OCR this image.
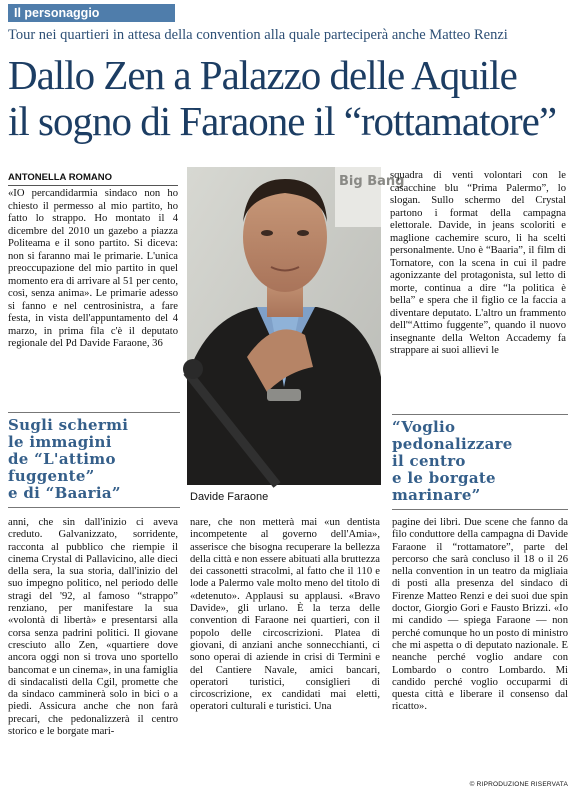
Il personaggio
Tour nei quartieri in attesa della convention alla quale parteciperà anche Matteo Renzi
Dallo Zen a Palazzo delle Aquile
il sogno di Faraone il “rottamatore”
ANTONELLA ROMANO
«IO percandidarmia sindaco non ho chiesto il permesso al mio partito, ho fatto lo strappo. Ho montato il 4 dicembre del 2010 un gazebo a piazza Politeama e il sono partito. Si diceva: non si faranno mai le primarie. L'unica preoccupazione del mio partito in quel momento era di arrivare al 51 per cento, così, senza anima». Le primarie adesso si fanno e nel centrosinistra, a fare festa, in vista dell'appuntamento del 4 marzo, in prima fila c'è il deputato regionale del Pd Davide Faraone, 36
Big Bang
Davide Faraone
squadra di venti volontari con le casacchine blu “Prima Palermo”, lo slogan. Sullo schermo del Crystal partono i format della campagna elettorale. Davide, in jeans scoloriti e maglione cachemire scuro, li ha scelti personalmente. Uno è “Baaria”, il film di Tornatore, con la scena in cui il padre agonizzante del protagonista, sul letto di morte, continua a dire “la politica è bella” e spera che il figlio ce la faccia a diventare deputato. L'altro un frammento dell'“Attimo fuggente”, quando il nuovo insegnante della Welton Accademy fa strappare ai suoi allievi le
Sugli schermi
le immagini
de “L'attimo
fuggente”
e di “Baaria”
“Voglio
pedonalizzare
il centro
e le borgate
marinare”
anni, che sin dall'inizio ci aveva creduto. Galvanizzato, sorridente, racconta al pubblico che riempie il cinema Crystal di Pallavicino, alle dieci della sera, la sua storia, dall'inizio del suo impegno politico, nel periodo delle stragi del '92, al famoso “strappo” renziano, per manifestare la sua «volontà di libertà» e presentarsi alla corsa senza padrini politici. Il giovane cresciuto allo Zen, «quartiere dove ancora oggi non si trova uno sportello bancomat e un cinema», in una famiglia di sindacalisti della Cgil, promette che da sindaco camminerà solo in bici o a piedi. Assicura anche che non farà precari, che pedonalizzerà il centro storico e le borgate mari-
nare, che non metterà mai «un dentista incompetente al governo dell'Amia», asserisce che bisogna recuperare la bellezza della città e non essere abituati alla bruttezza dei cassonetti stracolmi, al fatto che il 110 e lode a Palermo vale molto meno del titolo di «detenuto». Applausi su applausi. «Bravo Davide», gli urlano. È la terza delle convention di Faraone nei quartieri, con il popolo delle circoscrizioni. Platea di giovani, di anziani anche sonnecchianti, ci sono operai di aziende in crisi di Termini e del Cantiere Navale, amici bancari, operatori turistici, consiglieri di circoscrizione, ex candidati mai eletti, operatori culturali e turistici. Una
pagine dei libri. Due scene che fanno da filo conduttore della campagna di Davide Faraone il “rottamatore”, parte del percorso che sarà concluso il 18 o il 26 nella convention in un teatro da migliaia di posti alla presenza del sindaco di Firenze Matteo Renzi e dei suoi due spin doctor, Giorgio Gori e Fausto Brizzi. «Io mi candido — spiega Faraone — non perché comunque ho un posto di ministro che mi aspetta o di deputato nazionale. E neanche perché voglio andare con Lombardo o contro Lombardo. Mi candido perché voglio occuparmi di questa città e liberare il consenso dal ricatto».
© RIPRODUZIONE RISERVATA
